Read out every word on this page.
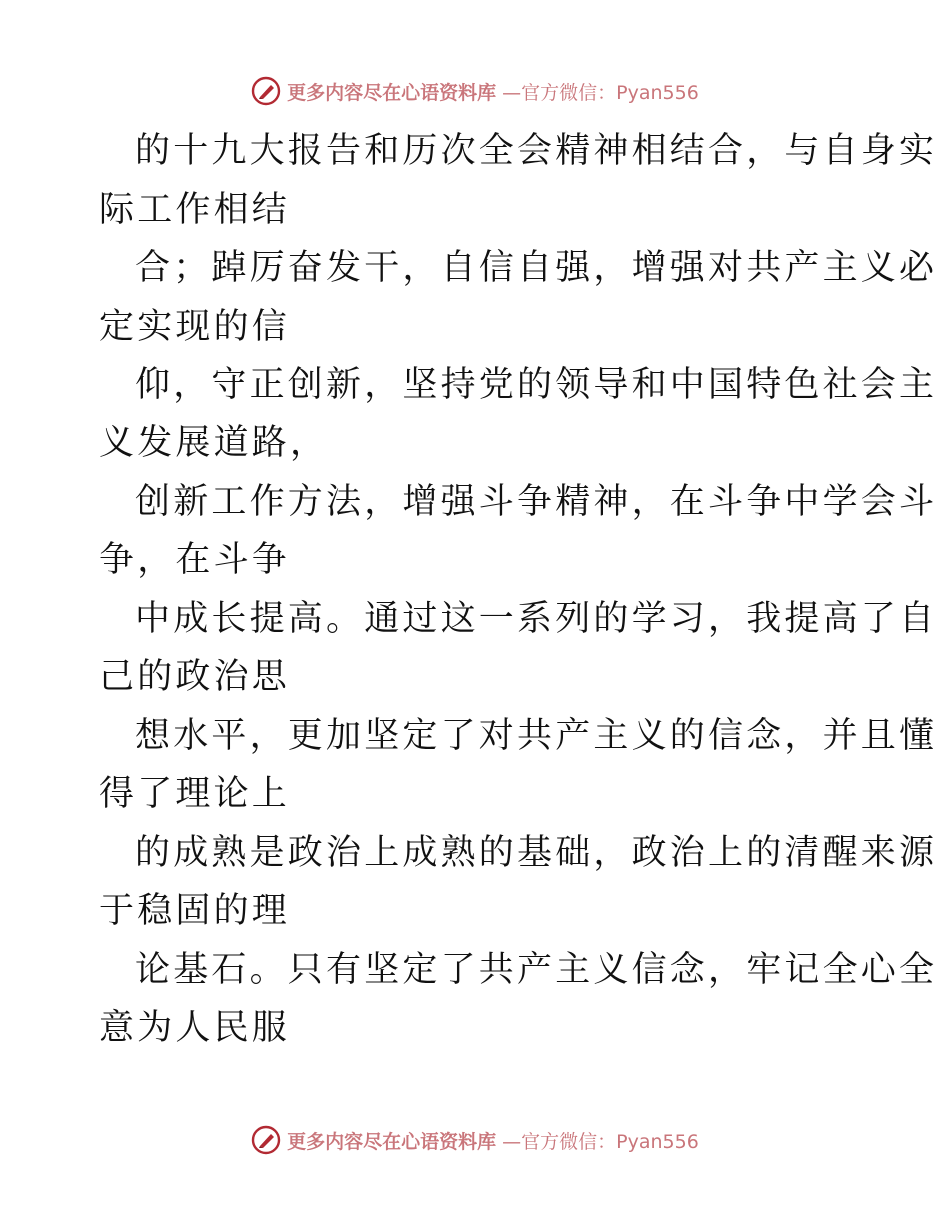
更多内容尽在心语资料库 —官方微信：Pyan556
的十九大报告和历次全会精神相结合，与自身实
际工作相结
合；踔厉奋发干，自信自强，增强对共产主义必
定实现的信
仰，守正创新，坚持党的领导和中国特色社会主
义发展道路，
创新工作方法，增强斗争精神，在斗争中学会斗
争，在斗争
中成长提高。通过这一系列的学习，我提高了自
己的政治思
想水平，更加坚定了对共产主义的信念，并且懂
得了理论上
的成熟是政治上成熟的基础，政治上的清醒来源
于稳固的理
论基石。只有坚定了共产主义信念，牢记全心全
意为人民服
更多内容尽在心语资料库 —官方微信：Pyan556
